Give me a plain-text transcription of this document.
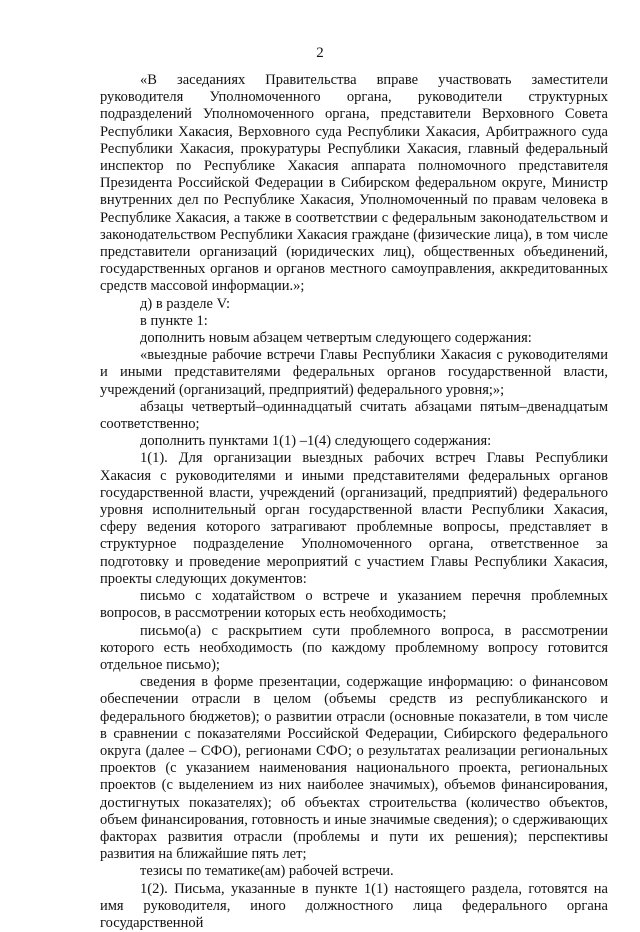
2

«В заседаниях Правительства вправе участвовать заместители руководителя Уполномоченного органа, руководители структурных подразделений Уполномоченного органа, представители Верховного Совета Республики Хакасия, Верховного суда Республики Хакасия, Арбитражного суда Республики Хакасия, прокуратуры Республики Хакасия, главный федеральный инспектор по Республике Хакасия аппарата полномочного представителя Президента Российской Федерации в Сибирском федеральном округе, Министр внутренних дел по Республике Хакасия, Уполномоченный по правам человека в Республике Хакасия, а также в соответствии с федеральным законодательством и законодательством Республики Хакасия граждане (физические лица), в том числе представители организаций (юридических лиц), общественных объединений, государственных органов и органов местного самоуправления, аккредитованных средств массовой информации.»;

д) в разделе V:

в пункте 1:

дополнить новым абзацем четвертым следующего содержания:

«выездные рабочие встречи Главы Республики Хакасия с руководителями и иными представителями федеральных органов государственной власти, учреждений (организаций, предприятий) федерального уровня;»;

абзацы четвертый–одиннадцатый считать абзацами пятым–двенадцатым соответственно;

дополнить пунктами 1(1) –1(4) следующего содержания:

1(1). Для организации выездных рабочих встреч Главы Республики Хакасия с руководителями и иными представителями федеральных органов государственной власти, учреждений (организаций, предприятий) федерального уровня исполнительный орган государственной власти Республики Хакасия, сферу ведения которого затрагивают проблемные вопросы, представляет в структурное подразделение Уполномоченного органа, ответственное за подготовку и проведение мероприятий с участием Главы Республики Хакасия, проекты следующих документов:

письмо с ходатайством о встрече и указанием перечня проблемных вопросов, в рассмотрении которых есть необходимость;

письмо(а) с раскрытием сути проблемного вопроса, в рассмотрении которого есть необходимость (по каждому проблемному вопросу готовится отдельное письмо);

сведения в форме презентации, содержащие информацию: о финансовом обеспечении отрасли в целом (объемы средств из республиканского и федерального бюджетов); о развитии отрасли (основные показатели, в том числе в сравнении с показателями Российской Федерации, Сибирского федерального округа (далее – СФО), регионами СФО; о результатах реализации региональных проектов (с указанием наименования национального проекта, региональных проектов (с выделением из них наиболее значимых), объемов финансирования, достигнутых показателях); об объектах строительства (количество объектов, объем финансирования, готовность и иные значимые сведения); о сдерживающих факторах развития отрасли (проблемы и пути их решения); перспективы развития на ближайшие пять лет;

тезисы по тематике(ам) рабочей встречи.

1(2). Письма, указанные в пункте 1(1) настоящего раздела, готовятся на имя руководителя, иного должностного лица федерального органа государственной
